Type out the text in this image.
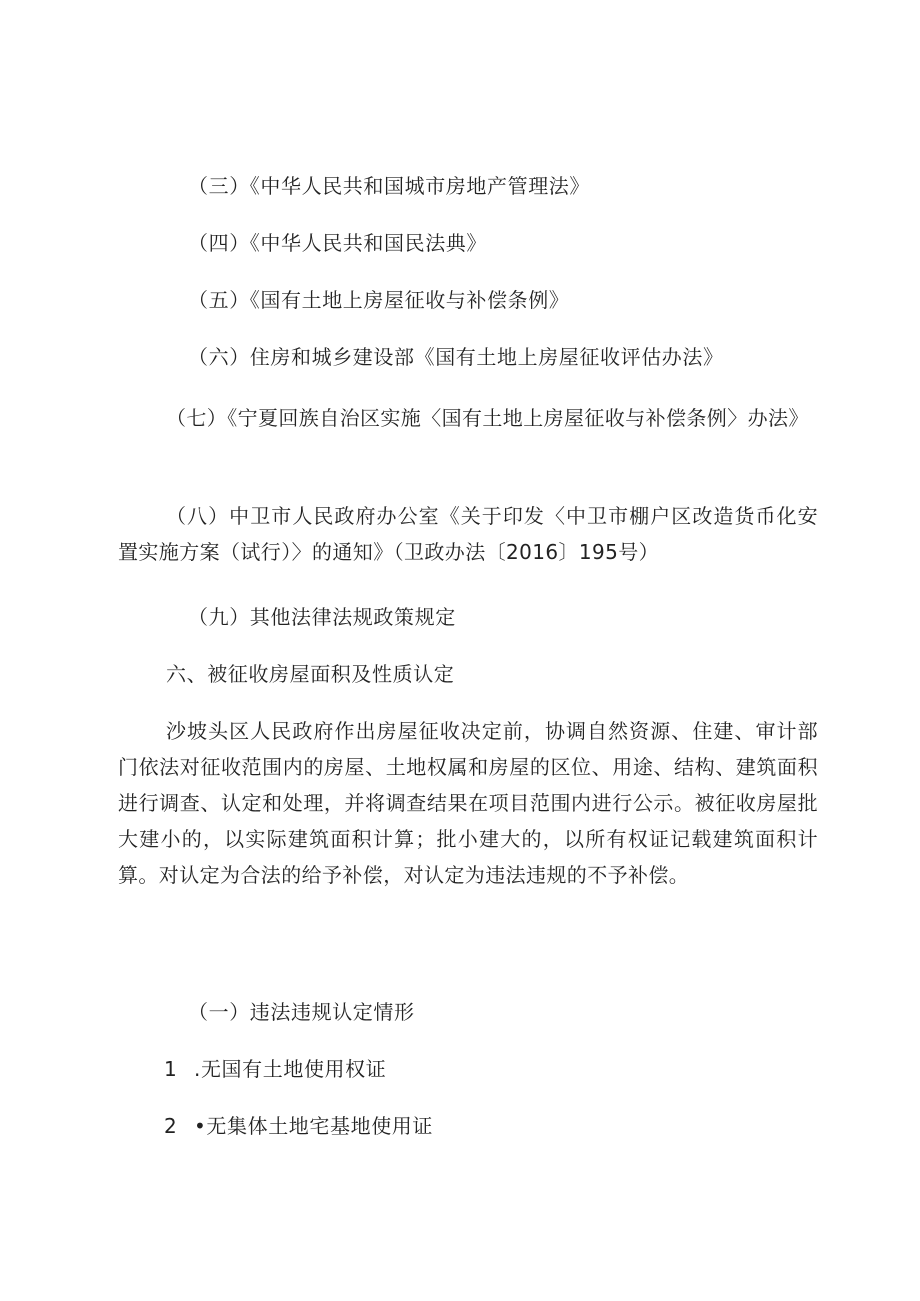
（三）《中华人民共和国城市房地产管理法》
（四）《中华人民共和国民法典》
（五）《国有土地上房屋征收与补偿条例》
（六）住房和城乡建设部《国有土地上房屋征收评估办法》
（七）《宁夏回族自治区实施〈国有土地上房屋征收与补偿条例〉办法》
（八）中卫市人民政府办公室《关于印发〈中卫市棚户区改造货币化安置实施方案（试行）〉的通知》（卫政办法〔2016〕195号）
（九）其他法律法规政策规定
六、被征收房屋面积及性质认定
沙坡头区人民政府作出房屋征收决定前，协调自然资源、住建、审计部门依法对征收范围内的房屋、土地权属和房屋的区位、用途、结构、建筑面积进行调查、认定和处理，并将调查结果在项目范围内进行公示。被征收房屋批大建小的，以实际建筑面积计算；批小建大的，以所有权证记载建筑面积计算。对认定为合法的给予补偿，对认定为违法违规的不予补偿。
（一）违法违规认定情形
1 .无国有土地使用权证
2 •无集体土地宅基地使用证
